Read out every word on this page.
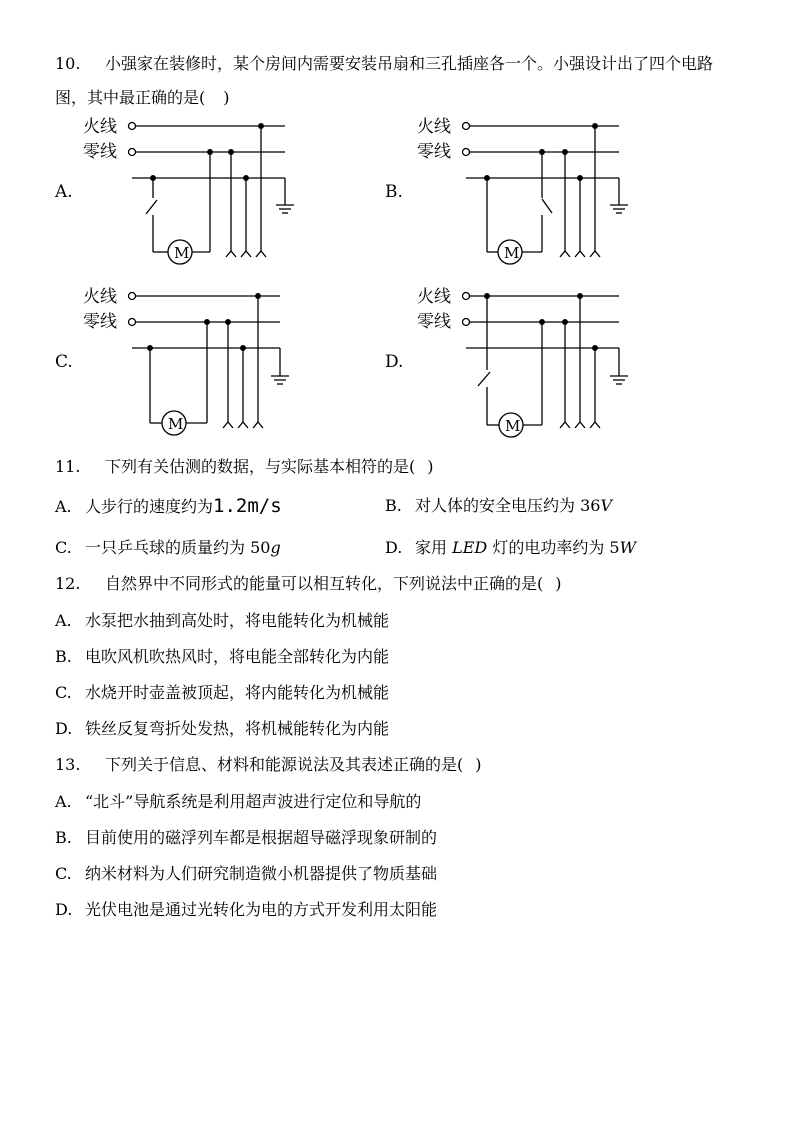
10. 小强家在装修时，某个房间内需要安装吊扇和三孔插座各一个。小强设计出了四个电路
图，其中最正确的是( )
A.
火线
零线
M
B.
火线
零线
M
C.
火线
零线
M
D.
火线
零线
M
11. 下列有关估测的数据，与实际基本相符的是( )
A. 人步行的速度约为1.2m/s	B. 对人体的安全电压约为 36V
C. 一只乒乓球的质量约为 50g	D. 家用 LED 灯的电功率约为 5W
12. 自然界中不同形式的能量可以相互转化，下列说法中正确的是( )
A. 水泵把水抽到高处时，将电能转化为机械能
B. 电吹风机吹热风时，将电能全部转化为内能
C. 水烧开时壶盖被顶起，将内能转化为机械能
D. 铁丝反复弯折处发热，将机械能转化为内能
13. 下列关于信息、材料和能源说法及其表述正确的是( )
A. “北斗”导航系统是利用超声波进行定位和导航的
B. 目前使用的磁浮列车都是根据超导磁浮现象研制的
C. 纳米材料为人们研究制造微小机器提供了物质基础
D. 光伏电池是通过光转化为电的方式开发利用太阳能
